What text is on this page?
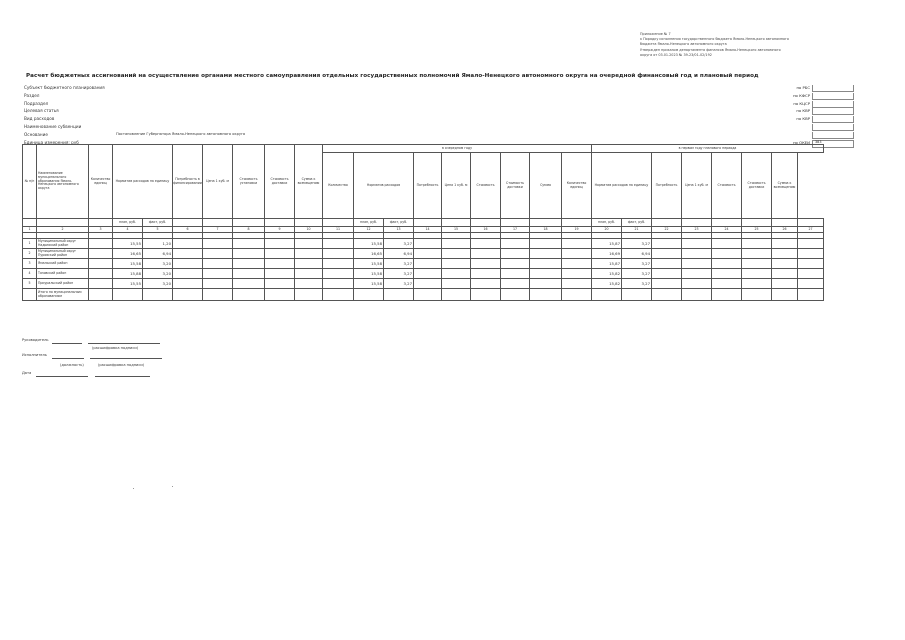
Приложение № 7
к Порядку исполнения государственного бюджета Ямало-Ненецкого автономного
бюджета Ямало-Ненецкого автономного округа
Утвержден приказом департамента финансов Ямало-Ненецкого автономного
округа от 03.01.2023 № 39-23/01-02/192
Расчет бюджетных ассигнований на осуществление органами местного самоуправления отдельных государственных полномочий Ямало-Ненецкого автономного округа на очередной финансовый год и плановый период
Субъект бюджетного планирования
Раздел
Подраздел
Целевая статья
Вид расходов
Наименование субвенции
Основание	Постановление Губернатора Ямало-Ненецкого автономного округа
Единица измерения: руб
по РБС
по КФСР
по КЦСР
по КВР
по КВР
по ОКЕИ 383
№ п/п	Наименование муниципального образования Ямало-Ненецкого автономного округа	Количество единиц	Норматив расходов на единицу		Потребность в финансировании	Цена 1 куб. м	Стоимость установки	Стоимость доставки	Сумма к возмещению	в очередном году									в первом году планового периода							
										Количество	Норматив расходов		Потребность	Цена 1 куб. м	Стоимость	Стоимость доставки	Сумма	Количество единиц	Норматив расходов на единицу		Потребность	Цена 1 куб. м	Стоимость	Стоимость доставки	Сумма к возмещению	
			план, руб.	факт, руб.							план, руб.	факт, руб.							план, руб.	факт, руб.						
1	2	3	4	5	6	7	8	9	10	11	12	13	14	15	16	17	18	19	20	21	22	23	24	25	26	27

1	Муниципальный округ Надымский район		15,55	1,20							15,58	3,27							15,87	3,27						
2	Муниципальный округ Пуровский район		16,65	6,94							16,65	6,94							16,69	6,94						
3	Ямальский район		15,58	3,20							15,58	3,27							15,87	3,27						
4	Тазовский район		15,88	3,20							15,58	3,27							15,82	3,27						
5	Приуральский район		15,55	3,20							15,58	3,27							15,82	3,27						
	Итого по муниципальным образованиям																									
Руководитель
(расшифровка подписи)
Исполнитель
(должность)	(расшифровка подписи)
Дата
